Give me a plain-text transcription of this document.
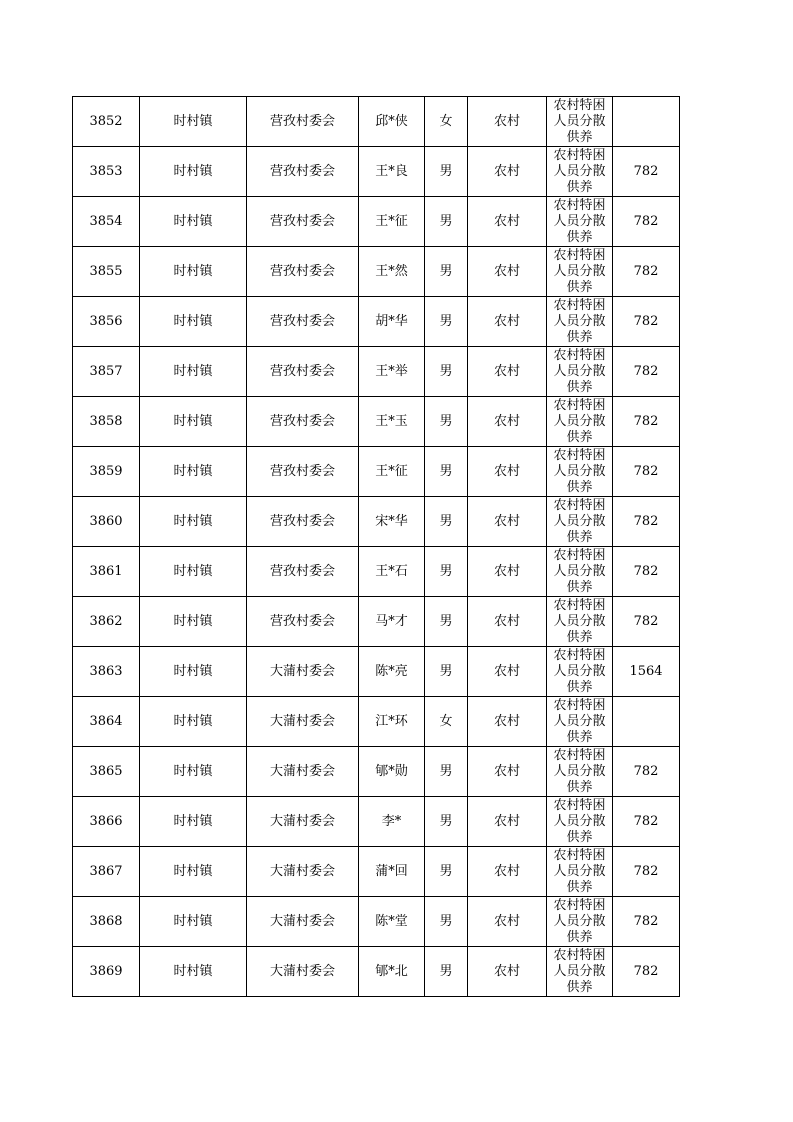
3852	时村镇	营孜村委会	邱*侠	女	农村	农村特困人员分散供养	

3853	时村镇	营孜村委会	王*良	男	农村	农村特困人员分散供养	782
3854	时村镇	营孜村委会	王*征	男	农村	农村特困人员分散供养	782
3855	时村镇	营孜村委会	王*然	男	农村	农村特困人员分散供养	782
3856	时村镇	营孜村委会	胡*华	男	农村	农村特困人员分散供养	782
3857	时村镇	营孜村委会	王*举	男	农村	农村特困人员分散供养	782
3858	时村镇	营孜村委会	王*玉	男	农村	农村特困人员分散供养	782
3859	时村镇	营孜村委会	王*征	男	农村	农村特困人员分散供养	782
3860	时村镇	营孜村委会	宋*华	男	农村	农村特困人员分散供养	782
3861	时村镇	营孜村委会	王*石	男	农村	农村特困人员分散供养	782
3862	时村镇	营孜村委会	马*才	男	农村	农村特困人员分散供养	782
3863	时村镇	大蒲村委会	陈*亮	男	农村	农村特困人员分散供养	1564
3864	时村镇	大蒲村委会	江*环	女	农村	农村特困人员分散供养	

3865	时村镇	大蒲村委会	郇*勋	男	农村	农村特困人员分散供养	782
3866	时村镇	大蒲村委会	李*	男	农村	农村特困人员分散供养	782
3867	时村镇	大蒲村委会	蒲*回	男	农村	农村特困人员分散供养	782
3868	时村镇	大蒲村委会	陈*堂	男	农村	农村特困人员分散供养	782
3869	时村镇	大蒲村委会	郇*北	男	农村	农村特困人员分散供养	782
